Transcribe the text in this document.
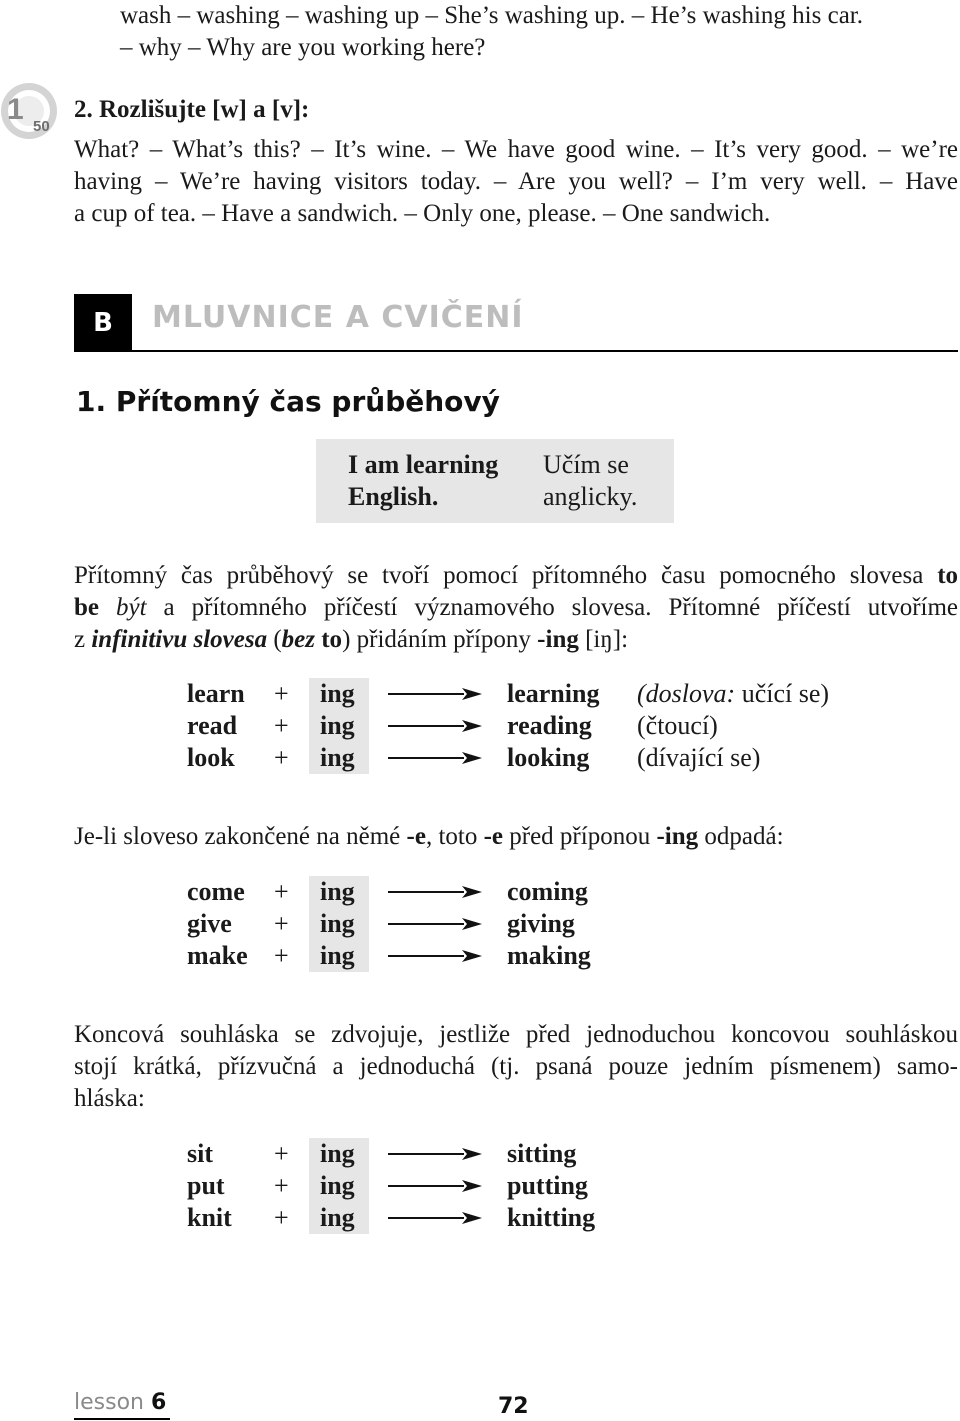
wash – washing – washing up – She’s washing up. – He’s washing his car.
– why – Why are you working here?
1
50
2. Rozlišujte [w] a [v]:
What? – What’s this? – It’s wine. – We have good wine. – It’s very good. – we’re
having – We’re having visitors today. – Are you well? – I’m very well. – Have
a cup of tea. – Have a sandwich. – Only one, please. – One sandwich.
B	MLUVNICE A CVIČENÍ
1. Přítomný čas průběhový
I am learning
English.
Učím se
anglicky.
Přítomný čas průběhový se tvoří pomocí přítomného času pomocného slovesa to
be být a přítomného příčestí významového slovesa. Přítomné příčestí utvoříme
z infinitivu slovesa (bez to) přidáním přípony -ing [iŋ]:
learn + ing	learning (doslova: učící se)
read + ing	reading (čtoucí)
look + ing	looking (dívající se)
Je-li sloveso zakončené na němé -e, toto -e před příponou -ing odpadá:
come + ing	coming
give + ing	giving
make + ing	making
Koncová souhláska se zdvojuje, jestliže před jednoduchou koncovou souhláskou
stojí krátká, přízvučná a jednoduchá (tj. psaná pouze jedním písmenem) samo-
hláska:
sit + ing	sitting
put + ing	putting
knit + ing	knitting
lesson 6	72
